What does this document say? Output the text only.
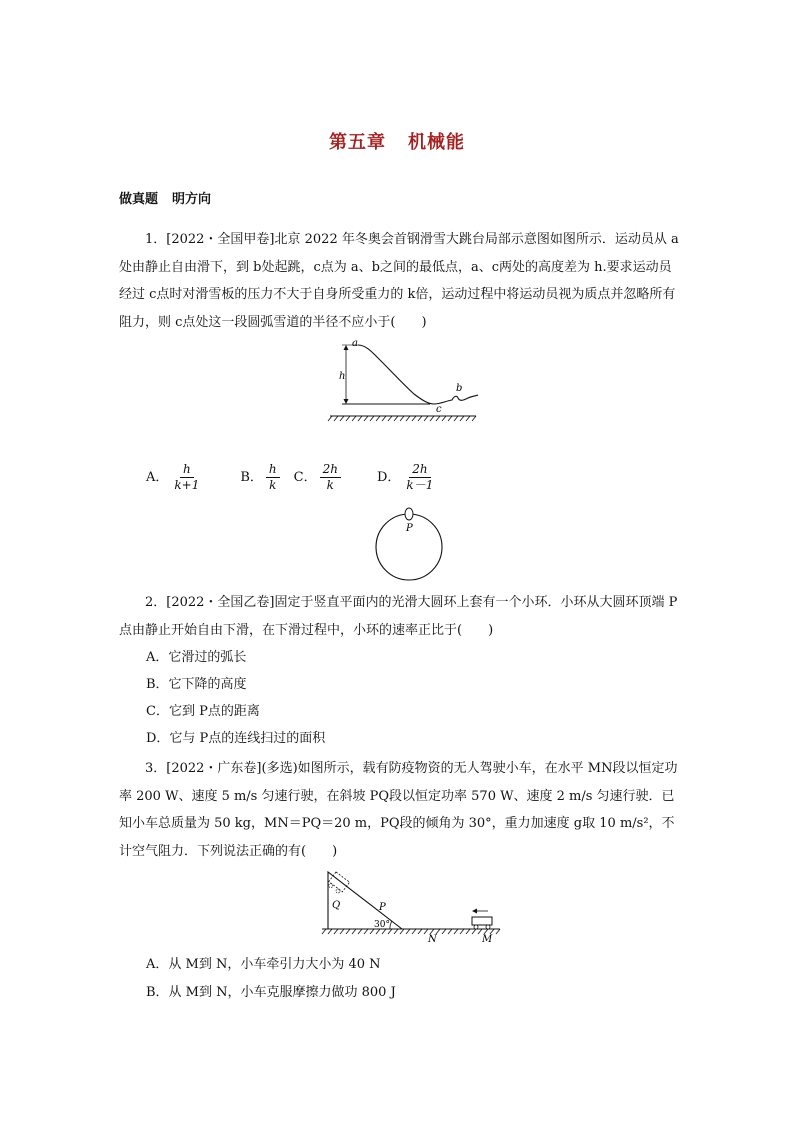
第五章 机械能
做真题 明方向
1．[2022・全国甲卷]北京 2022 年冬奥会首钢滑雪大跳台局部示意图如图所示．运动员从 a处由静止自由滑下，到 b处起跳，c点为 a、b之间的最低点，a、c两处的高度差为 h.要求运动员经过 c点时对滑雪板的压力不大于自身所受重力的 k倍，运动过程中将运动员视为质点并忽略所有阻力，则 c点处这一段圆弧雪道的半径不应小于(　　)
a
h
b
c
A． $\frac{h}{k+1}$	B． $\frac{h}{k}$ C． $\frac{2h}{k}$	D． $\frac{2h}{k-1}$
P
2．[2022・全国乙卷]固定于竖直平面内的光滑大圆环上套有一个小环．小环从大圆环顶端 P点由静止开始自由下滑，在下滑过程中，小环的速率正比于(　　)
A．它滑过的弧长
B．它下降的高度
C．它到 P点的距离
D．它与 P点的连线扫过的面积
3．[2022・广东卷](多选)如图所示，载有防疫物资的无人驾驶小车，在水平 MN段以恒定功率 200 W、速度 5 m/s 匀速行驶，在斜坡 PQ段以恒定功率 570 W、速度 2 m/s 匀速行驶．已知小车总质量为 50 kg，MN＝PQ＝20 m，PQ段的倾角为 30°，重力加速度 g取 10 m/s²，不计空气阻力．下列说法正确的有(　　)
Q	P
30°
N	M
A．从 M到 N，小车牵引力大小为 40 N
B．从 M到 N，小车克服摩擦力做功 800 J
